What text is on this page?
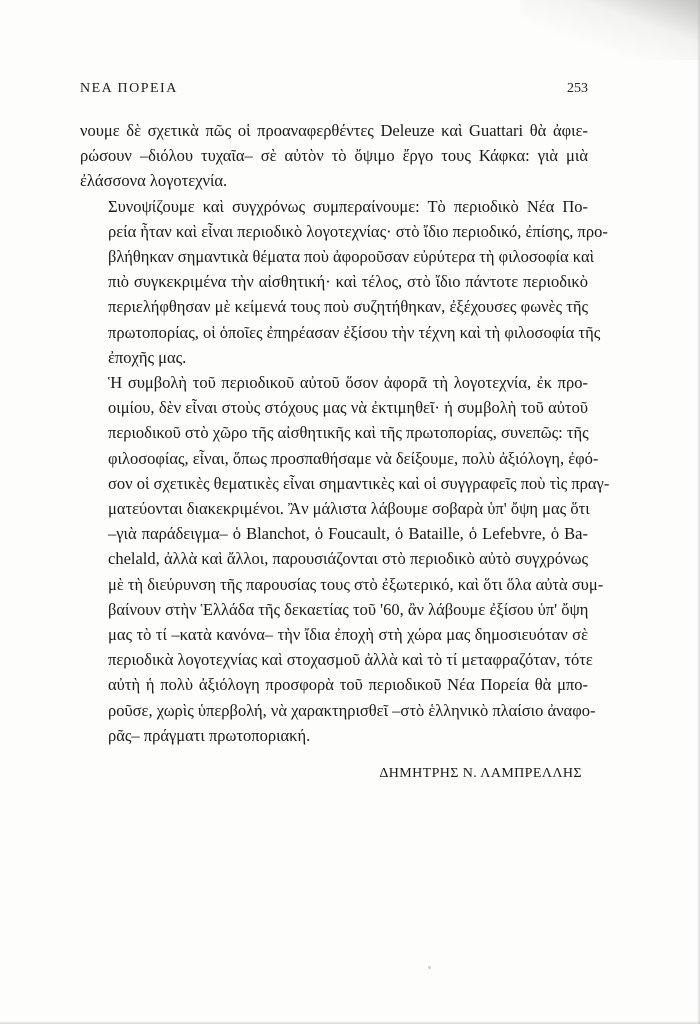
ΝΕΑ ΠΟΡΕΙΑ	253

νουμε δὲ σχετικὰ πῶς οἱ προαναφερθέντες Deleuze καὶ Guattari θὰ ἀφιε-
ρώσουν –διόλου τυχαῖα– σὲ αὐτὸν τὸ ὄψιμο ἔργο τους Κάφκα: γιὰ μιὰ
ἐλάσσονα λογοτεχνία.

Συνοψίζουμε καὶ συγχρόνως συμπεραίνουμε: Τὸ περιοδικὸ Νέα Πο-
ρεία ἦταν καὶ εἶναι περιοδικὸ λογοτεχνίας· στὸ ἴδιο περιοδικό, ἐπίσης, προ-
βλήθηκαν σημαντικὰ θέματα ποὺ ἀφοροῦσαν εὐρύτερα τὴ φιλοσοφία καὶ
πιὸ συγκεκριμένα τὴν αἰσθητική· καὶ τέλος, στὸ ἴδιο πάντοτε περιοδικὸ
περιελήφθησαν μὲ κείμενά τους ποὺ συζητήθηκαν, ἐξέχουσες φωνὲς τῆς
πρωτοπορίας, οἱ ὁποῖες ἐπηρέασαν ἐξίσου τὴν τέχνη καὶ τὴ φιλοσοφία τῆς
ἐποχῆς μας.

Ἡ συμβολὴ τοῦ περιοδικοῦ αὐτοῦ ὅσον ἀφορᾶ τὴ λογοτεχνία, ἐκ προ-
οιμίου, δὲν εἶναι στοὺς στόχους μας νὰ ἐκτιμηθεῖ· ἡ συμβολὴ τοῦ αὐτοῦ
περιοδικοῦ στὸ χῶρο τῆς αἰσθητικῆς καὶ τῆς πρωτοπορίας, συνεπῶς: τῆς
φιλοσοφίας, εἶναι, ὅπως προσπαθήσαμε νὰ δείξουμε, πολὺ ἀξιόλογη, ἐφό-
σον οἱ σχετικὲς θεματικὲς εἶναι σημαντικὲς καὶ οἱ συγγραφεῖς ποὺ τὶς πραγ-
ματεύονται διακεκριμένοι. Ἂν μάλιστα λάβουμε σοβαρὰ ὑπ' ὄψη μας ὅτι
–γιὰ παράδειγμα– ὁ Blanchot, ὁ Foucault, ὁ Bataille, ὁ Lefebvre, ὁ Ba-
chelald, ἀλλὰ καὶ ἄλλοι, παρουσιάζονται στὸ περιοδικὸ αὐτὸ συγχρόνως
μὲ τὴ διεύρυνση τῆς παρουσίας τους στὸ ἐξωτερικό, καὶ ὅτι ὅλα αὐτὰ συμ-
βαίνουν στὴν Ἑλλάδα τῆς δεκαετίας τοῦ '60, ἂν λάβουμε ἐξίσου ὑπ' ὄψη
μας τὸ τί –κατὰ κανόνα– τὴν ἴδια ἐποχὴ στὴ χώρα μας δημοσιευόταν σὲ
περιοδικὰ λογοτεχνίας καὶ στοχασμοῦ ἀλλὰ καὶ τὸ τί μεταφραζόταν, τότε
αὐτὴ ἡ πολὺ ἀξιόλογη προσφορὰ τοῦ περιοδικοῦ Νέα Πορεία θὰ μπο-
ροῦσε, χωρὶς ὑπερβολή, νὰ χαρακτηρισθεῖ –στὸ ἑλληνικὸ πλαίσιο ἀναφο-
ρᾶς– πράγματι πρωτοποριακή.

ΔΗΜΗΤΡΗΣ Ν. ΛΑΜΠΡΕΛΛΗΣ
